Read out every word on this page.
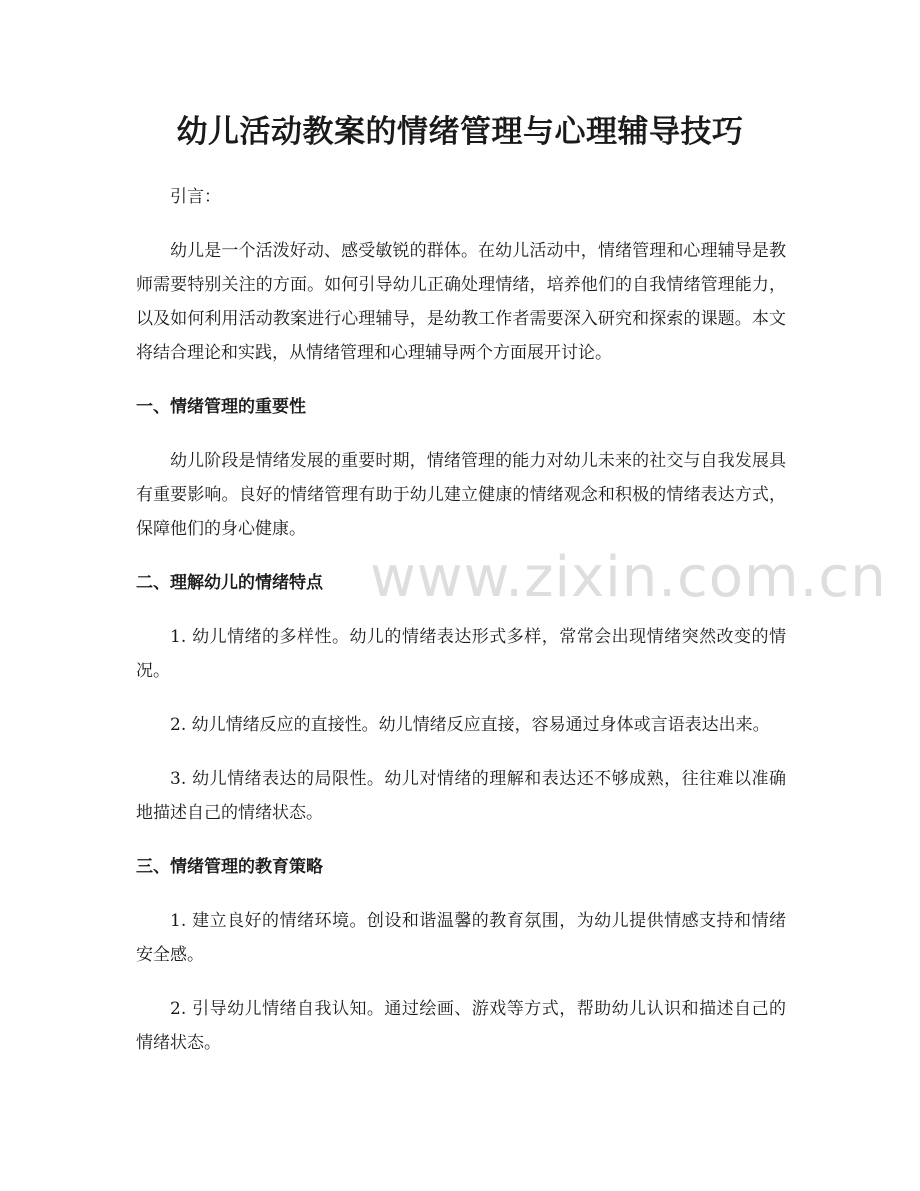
幼儿活动教案的情绪管理与心理辅导技巧

引言：

幼儿是一个活泼好动、感受敏锐的群体。在幼儿活动中，情绪管理和心理辅导是教师需要特别关注的方面。如何引导幼儿正确处理情绪，培养他们的自我情绪管理能力，以及如何利用活动教案进行心理辅导，是幼教工作者需要深入研究和探索的课题。本文将结合理论和实践，从情绪管理和心理辅导两个方面展开讨论。

一、情绪管理的重要性

幼儿阶段是情绪发展的重要时期，情绪管理的能力对幼儿未来的社交与自我发展具有重要影响。良好的情绪管理有助于幼儿建立健康的情绪观念和积极的情绪表达方式，保障他们的身心健康。

二、理解幼儿的情绪特点

1. 幼儿情绪的多样性。幼儿的情绪表达形式多样，常常会出现情绪突然改变的情况。

2. 幼儿情绪反应的直接性。幼儿情绪反应直接，容易通过身体或言语表达出来。

3. 幼儿情绪表达的局限性。幼儿对情绪的理解和表达还不够成熟，往往难以准确地描述自己的情绪状态。

三、情绪管理的教育策略

1. 建立良好的情绪环境。创设和谐温馨的教育氛围，为幼儿提供情感支持和情绪安全感。

2. 引导幼儿情绪自我认知。通过绘画、游戏等方式，帮助幼儿认识和描述自己的情绪状态。

www.zixin.com.cn
